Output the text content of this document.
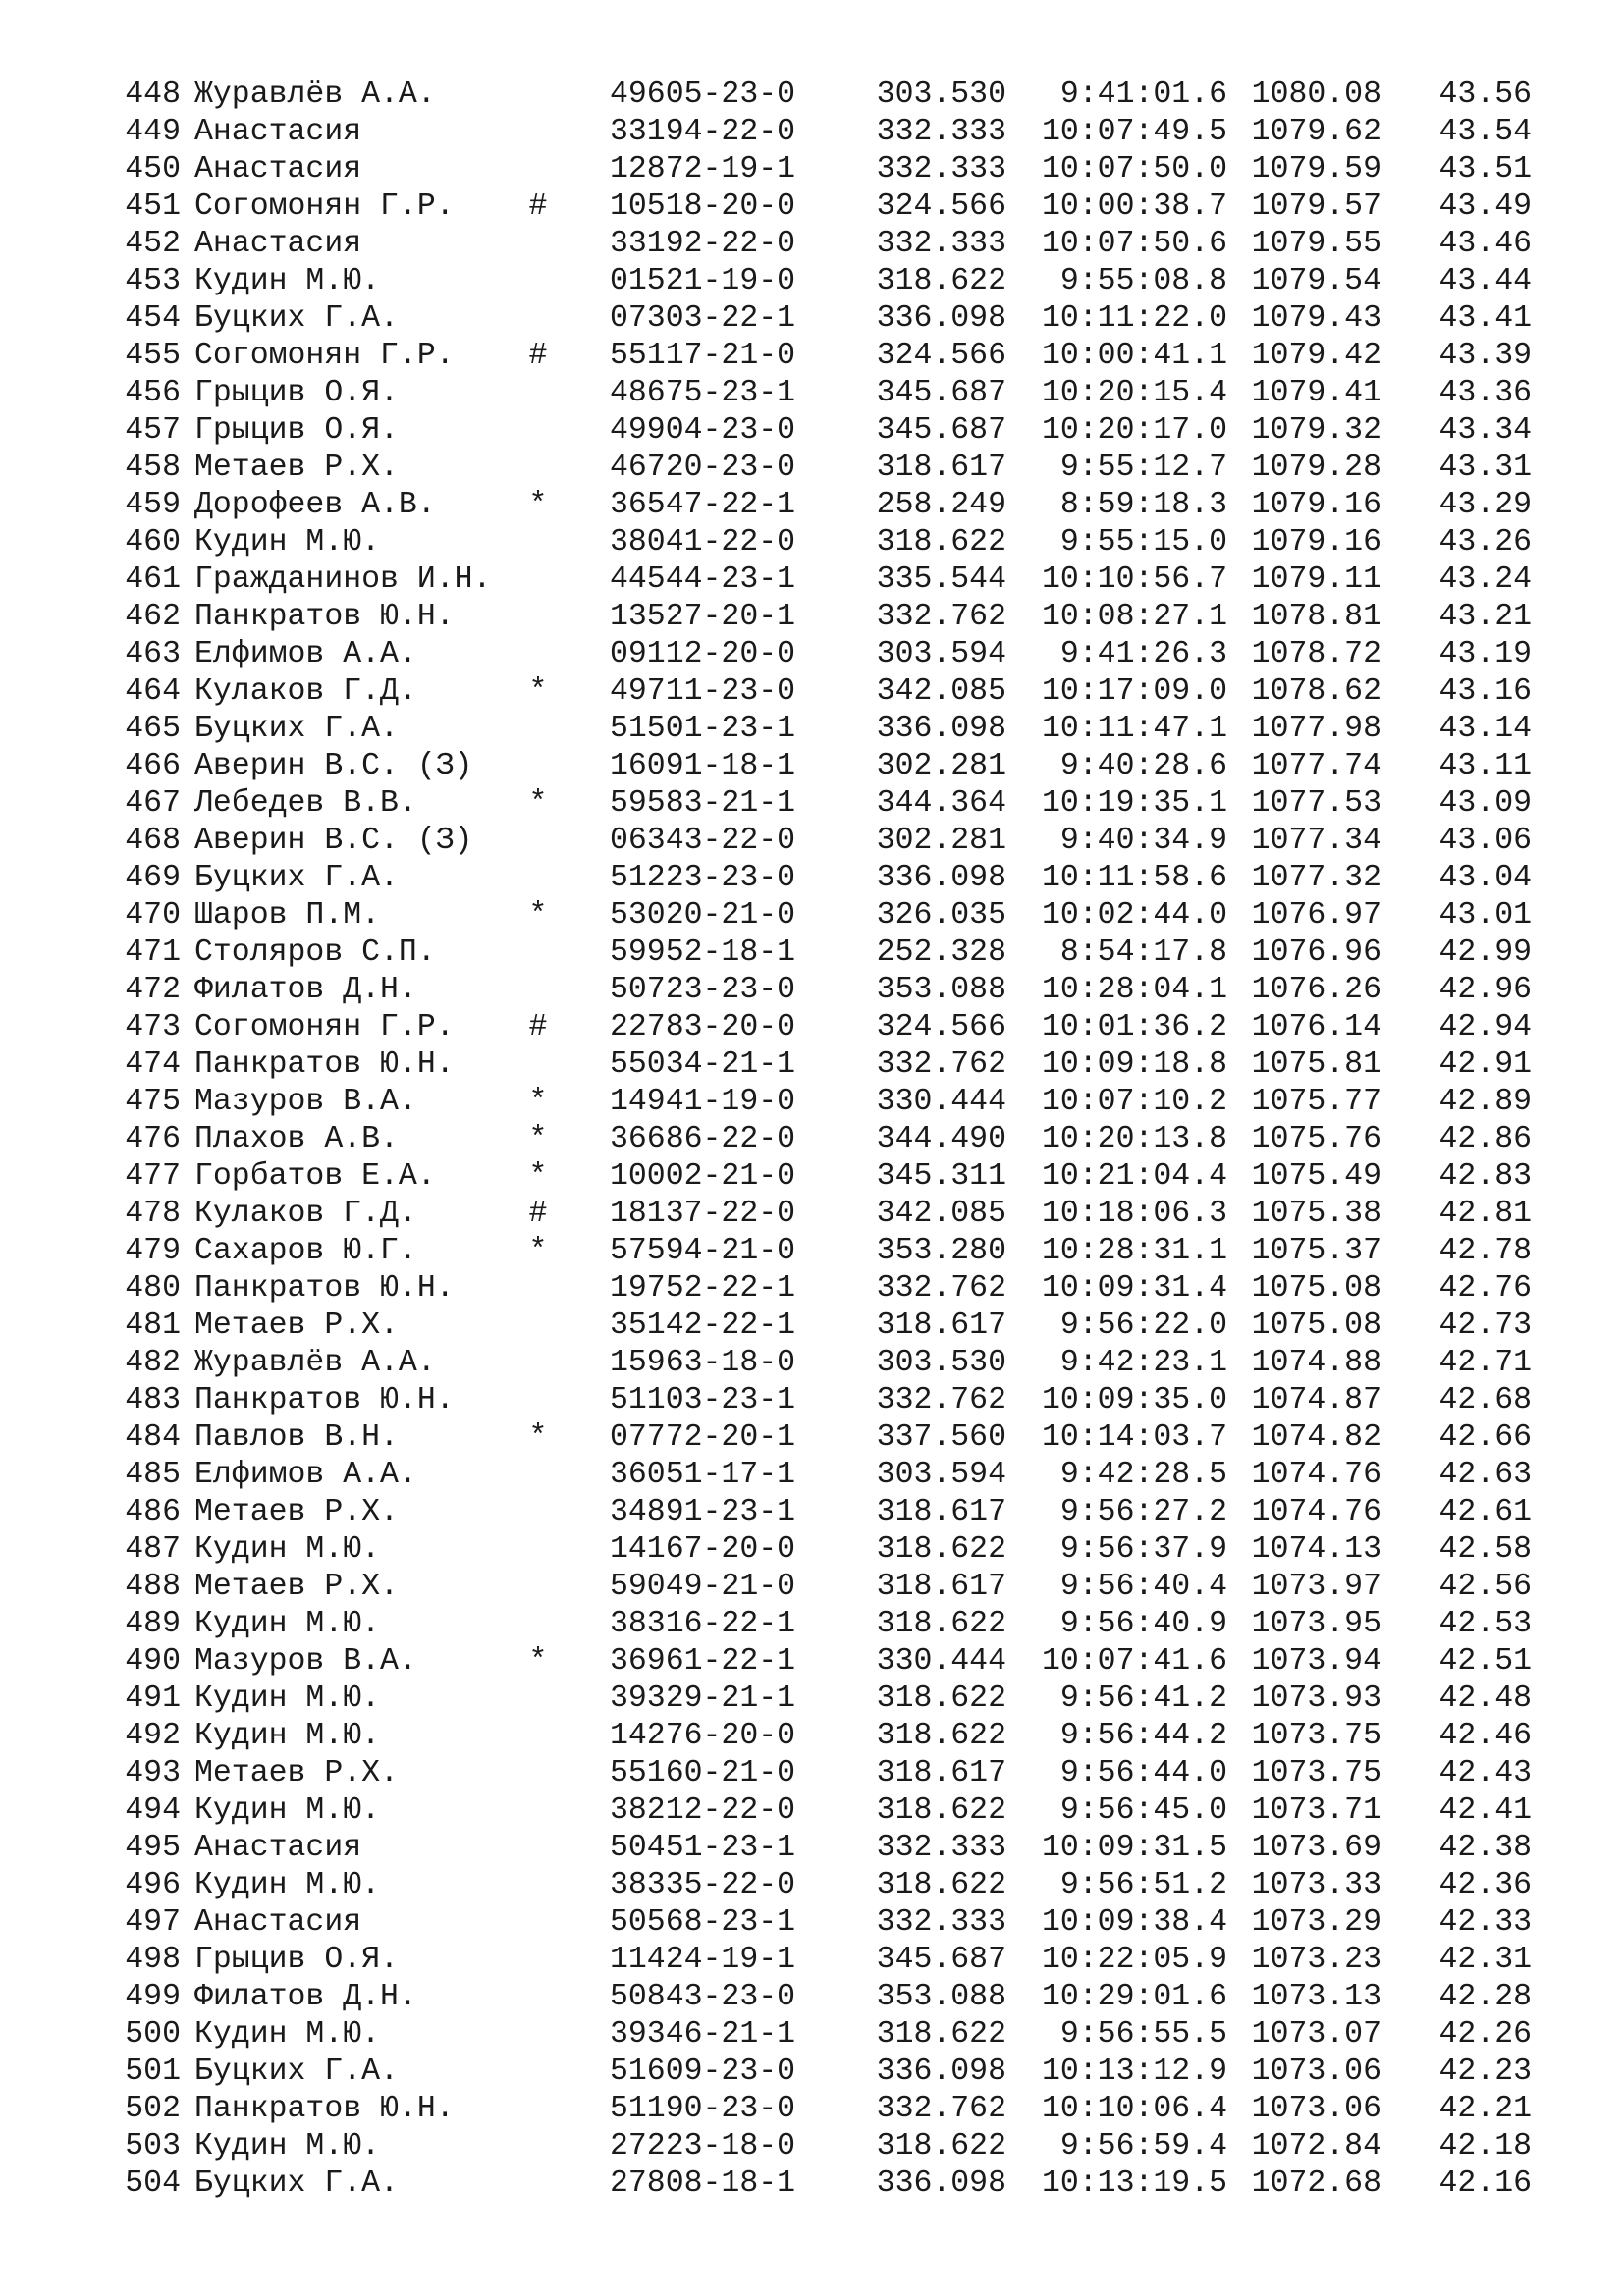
448 Журавлёв А.А.	49605-23-0	303.530	9:41:01.6 1080.08	43.56
449 Анастасия	33194-22-0	332.333	10:07:49.5 1079.62	43.54
450 Анастасия	12872-19-1	332.333	10:07:50.0 1079.59	43.51
451 Согомонян Г.Р. # 10518-20-0	324.566	10:00:38.7 1079.57	43.49
452 Анастасия	33192-22-0	332.333	10:07:50.6 1079.55	43.46
453 Кудин М.Ю.	01521-19-0	318.622	9:55:08.8 1079.54	43.44
454 Буцких Г.А.	07303-22-1	336.098	10:11:22.0 1079.43	43.41
455 Согомонян Г.Р. # 55117-21-0	324.566	10:00:41.1 1079.42	43.39
456 Грыцив О.Я.	48675-23-1	345.687	10:20:15.4 1079.41	43.36
457 Грыцив О.Я.	49904-23-0	345.687	10:20:17.0 1079.32	43.34
458 Метаев Р.Х.	46720-23-0	318.617	9:55:12.7 1079.28	43.31
459 Дорофеев А.В.	* 36547-22-1	258.249	8:59:18.3 1079.16	43.29
460 Кудин М.Ю.	38041-22-0	318.622	9:55:15.0 1079.16	43.26
461 Гражданинов И.Н.	44544-23-1	335.544	10:10:56.7 1079.11	43.24
462 Панкратов Ю.Н.	13527-20-1	332.762	10:08:27.1 1078.81	43.21
463 Елфимов А.А.	09112-20-0	303.594	9:41:26.3 1078.72	43.19
464 Кулаков Г.Д.	* 49711-23-0	342.085	10:17:09.0 1078.62	43.16
465 Буцких Г.А.	51501-23-1	336.098	10:11:47.1 1077.98	43.14
466 Аверин В.С. (З)	16091-18-1	302.281	9:40:28.6 1077.74	43.11
467 Лебедев В.В.	* 59583-21-1	344.364	10:19:35.1 1077.53	43.09
468 Аверин В.С. (З)	06343-22-0	302.281	9:40:34.9 1077.34	43.06
469 Буцких Г.А.	51223-23-0	336.098	10:11:58.6 1077.32	43.04
470 Шаров П.М.	* 53020-21-0	326.035	10:02:44.0 1076.97	43.01
471 Столяров С.П.	59952-18-1	252.328	8:54:17.8 1076.96	42.99
472 Филатов Д.Н.	50723-23-0	353.088	10:28:04.1 1076.26	42.96
473 Согомонян Г.Р. # 22783-20-0	324.566	10:01:36.2 1076.14	42.94
474 Панкратов Ю.Н.	55034-21-1	332.762	10:09:18.8 1075.81	42.91
475 Мазуров В.А.	* 14941-19-0	330.444	10:07:10.2 1075.77	42.89
476 Плахов А.В.	* 36686-22-0	344.490	10:20:13.8 1075.76	42.86
477 Горбатов Е.А.	* 10002-21-0	345.311	10:21:04.4 1075.49	42.83
478 Кулаков Г.Д.	# 18137-22-0	342.085	10:18:06.3 1075.38	42.81
479 Сахаров Ю.Г.	* 57594-21-0	353.280	10:28:31.1 1075.37	42.78
480 Панкратов Ю.Н.	19752-22-1	332.762	10:09:31.4 1075.08	42.76
481 Метаев Р.Х.	35142-22-1	318.617	9:56:22.0 1075.08	42.73
482 Журавлёв А.А.	15963-18-0	303.530	9:42:23.1 1074.88	42.71
483 Панкратов Ю.Н.	51103-23-1	332.762	10:09:35.0 1074.87	42.68
484 Павлов В.Н.	* 07772-20-1	337.560	10:14:03.7 1074.82	42.66
485 Елфимов А.А.	36051-17-1	303.594	9:42:28.5 1074.76	42.63
486 Метаев Р.Х.	34891-23-1	318.617	9:56:27.2 1074.76	42.61
487 Кудин М.Ю.	14167-20-0	318.622	9:56:37.9 1074.13	42.58
488 Метаев Р.Х.	59049-21-0	318.617	9:56:40.4 1073.97	42.56
489 Кудин М.Ю.	38316-22-1	318.622	9:56:40.9 1073.95	42.53
490 Мазуров В.А.	* 36961-22-1	330.444	10:07:41.6 1073.94	42.51
491 Кудин М.Ю.	39329-21-1	318.622	9:56:41.2 1073.93	42.48
492 Кудин М.Ю.	14276-20-0	318.622	9:56:44.2 1073.75	42.46
493 Метаев Р.Х.	55160-21-0	318.617	9:56:44.0 1073.75	42.43
494 Кудин М.Ю.	38212-22-0	318.622	9:56:45.0 1073.71	42.41
495 Анастасия	50451-23-1	332.333	10:09:31.5 1073.69	42.38
496 Кудин М.Ю.	38335-22-0	318.622	9:56:51.2 1073.33	42.36
497 Анастасия	50568-23-1	332.333	10:09:38.4 1073.29	42.33
498 Грыцив О.Я.	11424-19-1	345.687	10:22:05.9 1073.23	42.31
499 Филатов Д.Н.	50843-23-0	353.088	10:29:01.6 1073.13	42.28
500 Кудин М.Ю.	39346-21-1	318.622	9:56:55.5 1073.07	42.26
501 Буцких Г.А.	51609-23-0	336.098	10:13:12.9 1073.06	42.23
502 Панкратов Ю.Н.	51190-23-0	332.762	10:10:06.4 1073.06	42.21
503 Кудин М.Ю.	27223-18-0	318.622	9:56:59.4 1072.84	42.18
504 Буцких Г.А.	27808-18-1	336.098	10:13:19.5 1072.68	42.16
